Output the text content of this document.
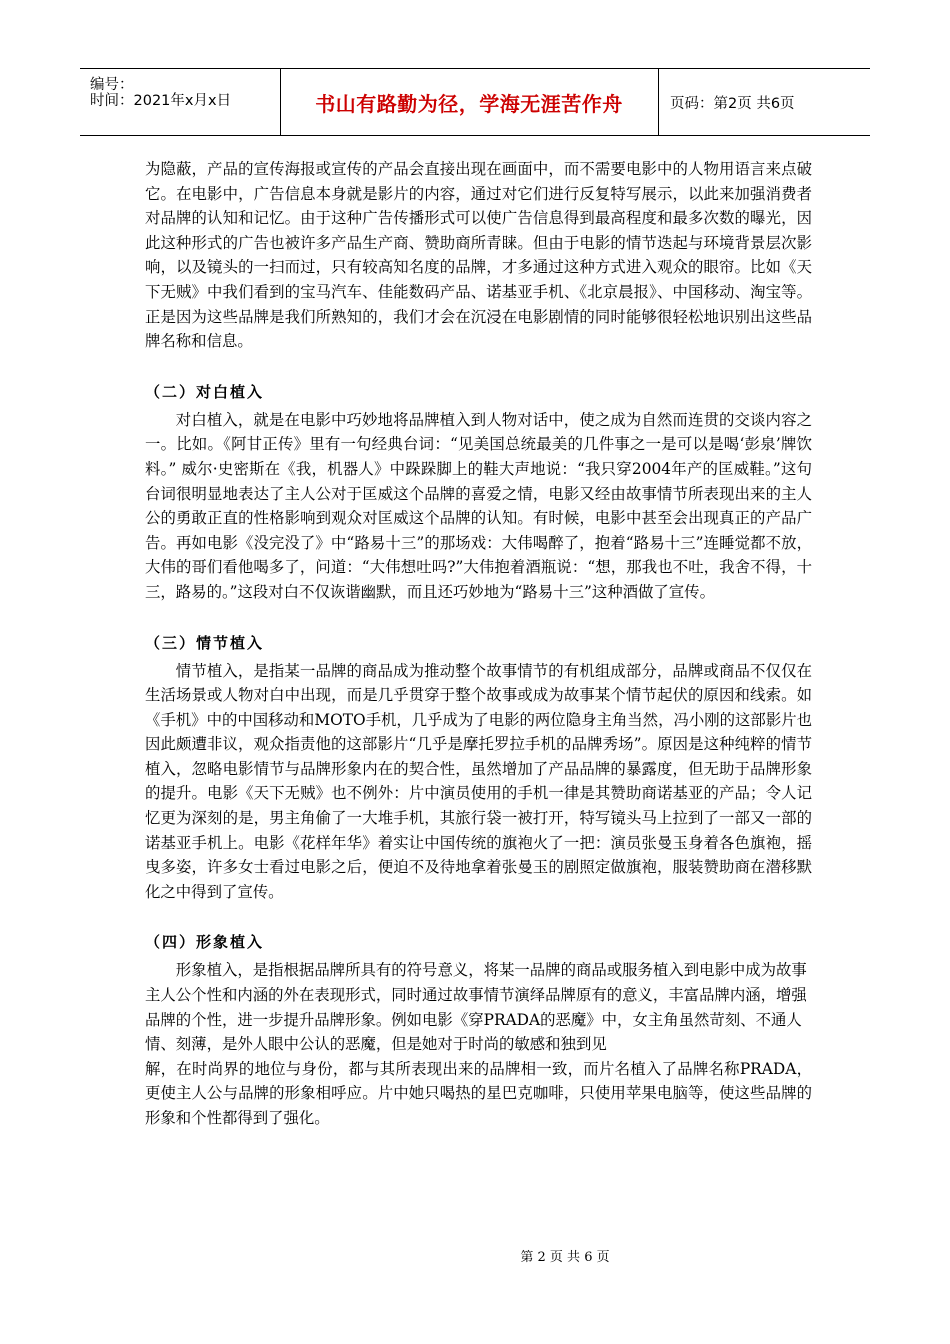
编号：
时间：2021年x月x日	书山有路勤为径，学海无涯苦作舟	页码：第2页 共6页

为隐蔽，产品的宣传海报或宣传的产品会直接出现在画面中，而不需要电影中的人物用语言来点破它。在电影中，广告信息本身就是影片的内容，通过对它们进行反复特写展示，以此来加强消费者对品牌的认知和记忆。由于这种广告传播形式可以使广告信息得到最高程度和最多次数的曝光，因此这种形式的广告也被许多产品生产商、赞助商所青睐。但由于电影的情节迭起与环境背景层次影响，以及镜头的一扫而过，只有较高知名度的品牌，才多通过这种方式进入观众的眼帘。比如《天下无贼》中我们看到的宝马汽车、佳能数码产品、诺基亚手机、《北京晨报》、中国移动、淘宝等。正是因为这些品牌是我们所熟知的，我们才会在沉浸在电影剧情的同时能够很轻松地识别出这些品牌名称和信息。

（二）对白植入

对白植入，就是在电影中巧妙地将品牌植入到人物对话中，使之成为自然而连贯的交谈内容之一。比如。《阿甘正传》里有一句经典台词：“见美国总统最美的几件事之一是可以是喝‘彭泉’牌饮料。” 威尔·史密斯在《我，机器人》中跺跺脚上的鞋大声地说：“我只穿2004年产的匡威鞋。”这句台词很明显地表达了主人公对于匡威这个品牌的喜爱之情，电影又经由故事情节所表现出来的主人公的勇敢正直的性格影响到观众对匡威这个品牌的认知。有时候，电影中甚至会出现真正的产品广告。再如电影《没完没了》中“路易十三”的那场戏：大伟喝醉了，抱着“路易十三”连睡觉都不放，大伟的哥们看他喝多了，问道：“大伟想吐吗?”大伟抱着酒瓶说：“想，那我也不吐，我舍不得，十三，路易的。”这段对白不仅诙谐幽默，而且还巧妙地为“路易十三”这种酒做了宣传。

（三）情节植入

情节植入，是指某一品牌的商品成为推动整个故事情节的有机组成部分，品牌或商品不仅仅在生活场景或人物对白中出现，而是几乎贯穿于整个故事或成为故事某个情节起伏的原因和线索。如《手机》中的中国移动和MOTO手机，几乎成为了电影的两位隐身主角当然，冯小刚的这部影片也因此颇遭非议，观众指责他的这部影片“几乎是摩托罗拉手机的品牌秀场”。原因是这种纯粹的情节植入，忽略电影情节与品牌形象内在的契合性，虽然增加了产品品牌的暴露度，但无助于品牌形象的提升。电影《天下无贼》也不例外：片中演员使用的手机一律是其赞助商诺基亚的产品；令人记忆更为深刻的是，男主角偷了一大堆手机，其旅行袋一被打开，特写镜头马上拉到了一部又一部的诺基亚手机上。电影《花样年华》着实让中国传统的旗袍火了一把：演员张曼玉身着各色旗袍，摇曳多姿，许多女士看过电影之后，便迫不及待地拿着张曼玉的剧照定做旗袍，服装赞助商在潜移默化之中得到了宣传。

（四）形象植入

形象植入，是指根据品牌所具有的符号意义，将某一品牌的商品或服务植入到电影中成为故事主人公个性和内涵的外在表现形式，同时通过故事情节演绎品牌原有的意义，丰富品牌内涵，增强品牌的个性，进一步提升品牌形象。例如电影《穿PRADA的恶魔》中，女主角虽然苛刻、不通人情、刻薄，是外人眼中公认的恶魔，但是她对于时尚的敏感和独到见

解，在时尚界的地位与身份，都与其所表现出来的品牌相一致，而片名植入了品牌名称PRADA，更使主人公与品牌的形象相呼应。片中她只喝热的星巴克咖啡，只使用苹果电脑等，使这些品牌的形象和个性都得到了强化。

第 2 页 共 6 页
